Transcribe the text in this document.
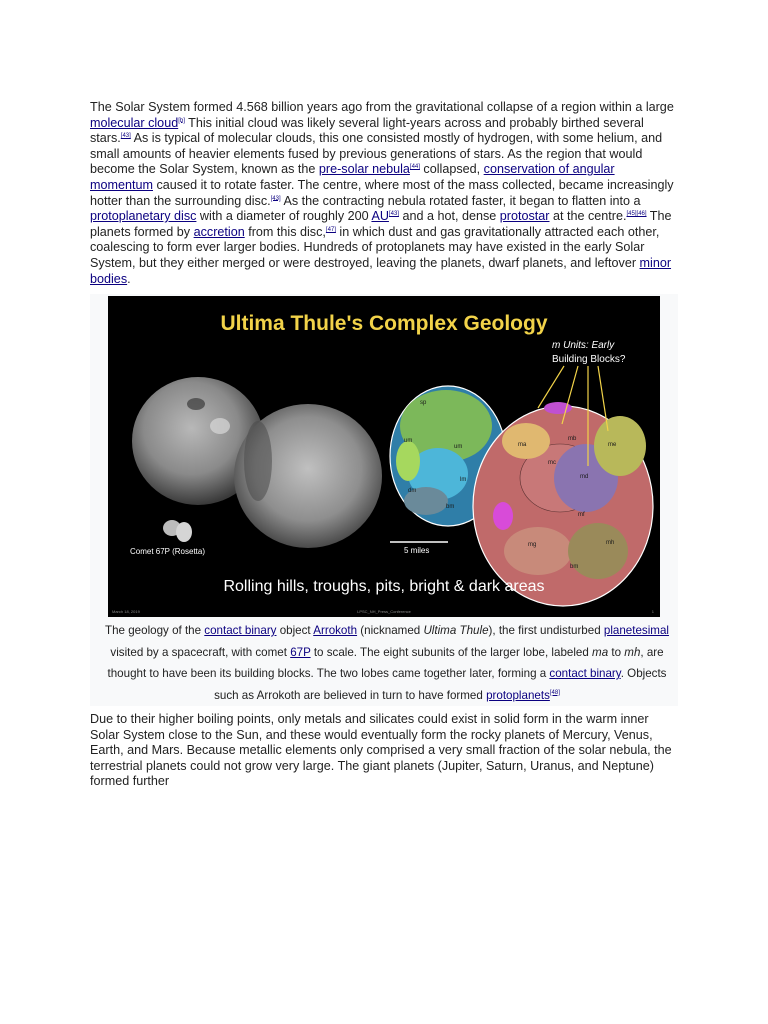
The Solar System formed 4.568 billion years ago from the gravitational collapse of a region within a large molecular cloud[b] This initial cloud was likely several light-years across and probably birthed several stars.[43] As is typical of molecular clouds, this one consisted mostly of hydrogen, with some helium, and small amounts of heavier elements fused by previous generations of stars. As the region that would become the Solar System, known as the pre-solar nebula[44] collapsed, conservation of angular momentum caused it to rotate faster. The centre, where most of the mass collected, became increasingly hotter than the surrounding disc.[43] As the contracting nebula rotated faster, it began to flatten into a protoplanetary disc with a diameter of roughly 200 AU[43] and a hot, dense protostar at the centre.[45][46] The planets formed by accretion from this disc,[47] in which dust and gas gravitationally attracted each other, coalescing to form ever larger bodies. Hundreds of protoplanets may have existed in the early Solar System, but they either merged or were destroyed, leaving the planets, dwarf planets, and leftover minor bodies.

Ultima Thule's Complex Geology
Comet 67P (Rosetta)
sp
um
um
lm
dm
bm
ma
mb
mc
md
me
mf
mg	mh
bm
m Units: Early
Building Blocks?
5 miles
Rolling hills, troughs, pits, bright & dark areas
March 18, 2019	LPSC_NH_Press_Conference	1

The geology of the contact binary object Arrokoth (nicknamed Ultima Thule), the first undisturbed planetesimal visited by a spacecraft, with comet 67P to scale. The eight subunits of the larger lobe, labeled ma to mh, are thought to have been its building blocks. The two lobes came together later, forming a contact binary. Objects such as Arrokoth are believed in turn to have formed protoplanets[48]

Due to their higher boiling points, only metals and silicates could exist in solid form in the warm inner Solar System close to the Sun, and these would eventually form the rocky planets of Mercury, Venus, Earth, and Mars. Because metallic elements only comprised a very small fraction of the solar nebula, the terrestrial planets could not grow very large. The giant planets (Jupiter, Saturn, Uranus, and Neptune) formed further
